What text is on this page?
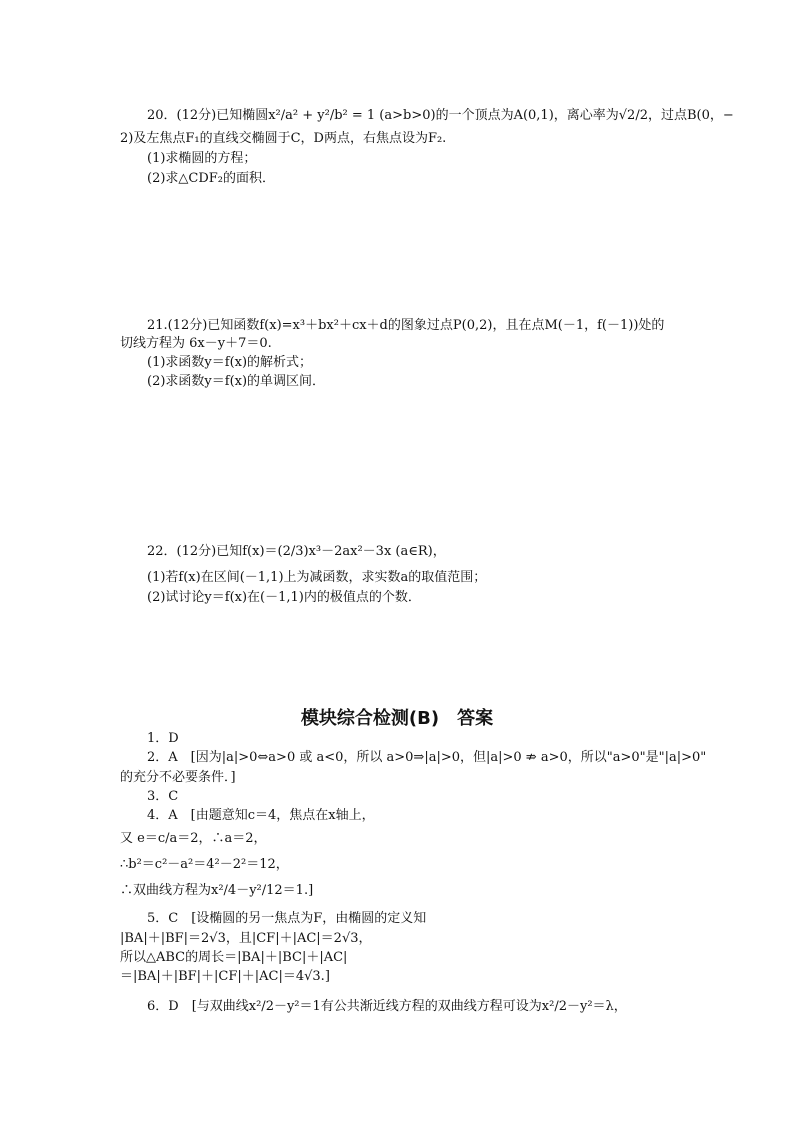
20．(12分)已知椭圆x²/a² + y²/b² = 1 (a>b>0)的一个顶点为A(0,1)，离心率为√2/2，过点B(0，−
2)及左焦点F₁的直线交椭圆于C，D两点，右焦点设为F₂.
(1)求椭圆的方程；
(2)求△CDF₂的面积．
21.(12分)已知函数f(x)=x³＋bx²＋cx＋d的图象过点P(0,2)，且在点M(－1，f(－1))处的
切线方程为 6x－y＋7＝0.
(1)求函数y＝f(x)的解析式；
(2)求函数y＝f(x)的单调区间．
22．(12分)已知f(x)＝(2/3)x³－2ax²－3x (a∈R)，
(1)若f(x)在区间(－1,1)上为减函数，求实数a的取值范围；
(2)试讨论y＝f(x)在(－1,1)内的极值点的个数．
模块综合检测(B)　答案
1．D
2．A　[因为|a|>0⇔a>0 或 a<0，所以 a>0⇒|a|>0，但|a|>0 ⇏ a>0，所以"a>0"是"|a|>0"
的充分不必要条件．]
3．C
4．A　[由题意知c＝4，焦点在x轴上，
又 e＝c/a＝2，∴a＝2，
∴b²＝c²－a²＝4²－2²＝12，
∴双曲线方程为x²/4－y²/12＝1.]
5．C　[设椭圆的另一焦点为F，由椭圆的定义知
|BA|＋|BF|＝2√3，且|CF|＋|AC|＝2√3，
所以△ABC的周长＝|BA|＋|BC|＋|AC|
＝|BA|＋|BF|＋|CF|＋|AC|＝4√3.]
6．D　[与双曲线x²/2－y²＝1有公共渐近线方程的双曲线方程可设为x²/2－y²＝λ，
